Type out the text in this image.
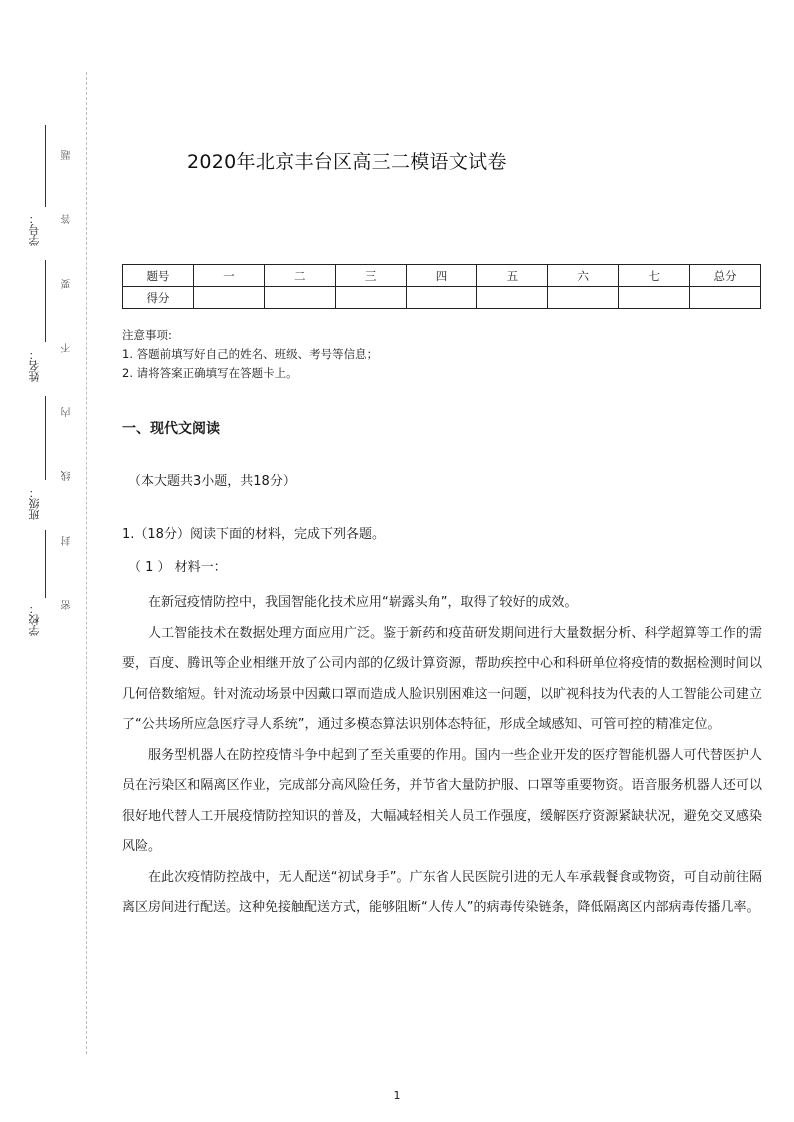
学号：
姓名：
班级：
学校：	密
封
线
内
不
要
答
题	2020年北京丰台区高三二模语文试卷
题号	一	二	三	四	五	六	七	总分
得分								
注意事项:
1. 答题前填写好自己的姓名、班级、考号等信息；
2. 请将答案正确填写在答题卡上。
一、现代文阅读
（本大题共3小题，共18分）
1.（18分）阅读下面的材料，完成下列各题。
（ 1 ） 材料一：

在新冠疫情防控中，我国智能化技术应用“崭露头角”，取得了较好的成效。

人工智能技术在数据处理方面应用广泛。鉴于新药和疫苗研发期间进行大量数据分析、科学超算等工作的需要，百度、腾讯等企业相继开放了公司内部的亿级计算资源，帮助疾控中心和科研单位将疫情的数据检测时间以几何倍数缩短。针对流动场景中因戴口罩而造成人脸识别困难这一问题，以旷视科技为代表的人工智能公司建立了“公共场所应急医疗寻人系统”，通过多模态算法识别体态特征，形成全域感知、可管可控的精准定位。

服务型机器人在防控疫情斗争中起到了至关重要的作用。国内一些企业开发的医疗智能机器人可代替医护人员在污染区和隔离区作业，完成部分高风险任务，并节省大量防护服、口罩等重要物资。语音服务机器人还可以很好地代替人工开展疫情防控知识的普及，大幅减轻相关人员工作强度，缓解医疗资源紧缺状况，避免交叉感染风险。

在此次疫情防控战中，无人配送“初试身手”。广东省人民医院引进的无人车承载餐食或物资，可自动前往隔离区房间进行配送。这种免接触配送方式，能够阻断“人传人”的病毒传染链条，降低隔离区内部病毒传播几率。

1
